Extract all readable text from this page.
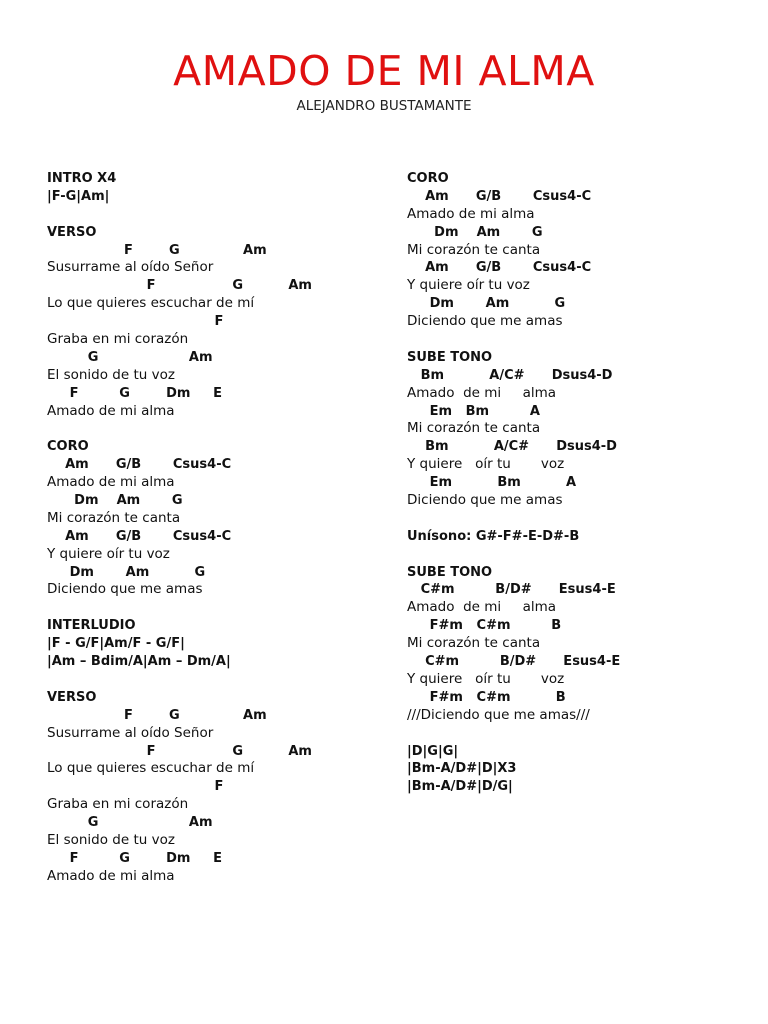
AMADO DE MI ALMA
ALEJANDRO BUSTAMANTE
INTRO X4
|F-G|Am|
VERSO
F        G              Am
Susurrame al oído Señor
F                 G          Am
Lo que quieres escuchar de mí
F
Graba en mi corazón
G                    Am
El sonido de tu voz
F         G        Dm     E
Amado de mi alma
CORO
Am      G/B       Csus4-C
Amado de mi alma
Dm    Am       G
Mi corazón te canta
Am      G/B       Csus4-C
Y quiere oír tu voz
Dm       Am          G
Diciendo que me amas
INTERLUDIO
|F - G/F|Am/F - G/F|
|Am – Bdim/A|Am – Dm/A|
VERSO
F        G              Am
Susurrame al oído Señor
F                 G          Am
Lo que quieres escuchar de mí
F
Graba en mi corazón
G                    Am
El sonido de tu voz
F         G        Dm     E
Amado de mi alma
CORO
Am      G/B       Csus4-C
Amado de mi alma
Dm    Am       G
Mi corazón te canta
Am      G/B       Csus4-C
Y quiere oír tu voz
Dm       Am          G
Diciendo que me amas
SUBE TONO
Bm          A/C#      Dsus4-D
Amado  de mi     alma
Em   Bm         A
Mi corazón te canta
Bm          A/C#      Dsus4-D
Y quiere   oír tu       voz
Em          Bm          A
Diciendo que me amas
Unísono: G#-F#-E-D#-B
SUBE TONO
C#m         B/D#      Esus4-E
Amado  de mi     alma
F#m   C#m         B
Mi corazón te canta
C#m         B/D#      Esus4-E
Y quiere   oír tu       voz
F#m   C#m          B
///Diciendo que me amas///
|D|G|G|
|Bm-A/D#|D|X3
|Bm-A/D#|D/G|
